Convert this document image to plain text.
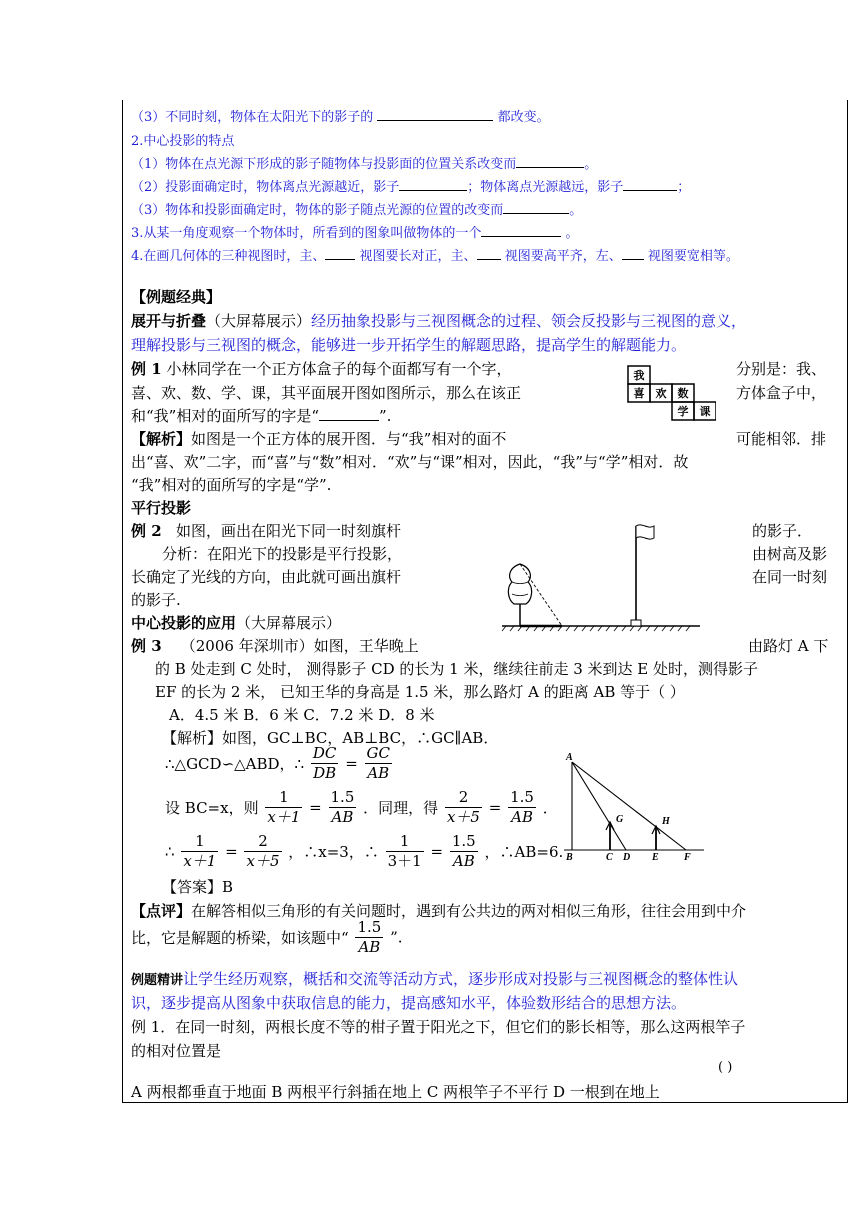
（3）不同时刻，物体在太阳光下的影子的	都改变。
2.中心投影的特点
（1）物体在点光源下形成的影子随物体与投影面的位置关系改变而	。
（2）投影面确定时，物体离点光源越近，影子	；物体离点光源越远，影子	；
（3）物体和投影面确定时，物体的影子随点光源的位置的改变而	。
3.从某一角度观察一个物体时，所看到的图象叫做物体的一个	。
4.在画几何体的三种视图时，主、	视图要长对正，主、 视图要高平齐，左、 视图要宽相等。
【例题经典】
展开与折叠（大屏幕展示）经历抽象投影与三视图概念的过程、领会反投影与三视图的意义，
理解投影与三视图的概念，能够进一步开拓学生的解题思路，提高学生的解题能力。
例 1 小林同学在一个正方体盒子的每个面都写有一个字，	分别是：我、
喜、欢、数、学、课，其平面展开图如图所示，那么在该正	方体盒子中，
和“我”相对的面所写的字是“	”.
我
喜 欢 数
学 课
【解析】如图是一个正方体的展开图．与“我”相对的面不	可能相邻．排
出“喜、欢”二字，而“喜”与“数”相对．“欢”与“课”相对，因此，“我”与“学”相对．故
“我”相对的面所写的字是“学”.
平行投影
例 2 如图，画出在阳光下同一时刻旗杆	的影子．
分析：在阳光下的投影是平行投影，	由树高及影
长确定了光线的方向，由此就可画出旗杆	在同一时刻
的影子.
中心投影的应用（大屏幕展示）
例 3 （2006 年深圳市）如图，王华晚上	由路灯 A 下
的 B 处走到 C 处时， 测得影子 CD 的长为 1 米，继续往前走 3 米到达 E 处时，测得影子
EF 的长为 2 米， 已知王华的身高是 1.5 米，那么路灯 A 的距离 AB 等于（ ）
A．4.5 米 B．6 米 C．7.2 米 D．8 米
【解析】如图，GC⊥BC，AB⊥BC，∴GC∥AB．
∴△GCD∽△ABD，∴ $\frac{DC}{DB} = \frac{GC}{AB}$
设 BC=x，则 $\frac{1}{x+1} = \frac{1.5}{AB}$ ．同理，得 $\frac{2}{x+5} = \frac{1.5}{AB}$ ．
∴ $\frac{1}{x+1} = \frac{2}{x+5}$ ，∴x=3，∴ $\frac{1}{3+1} = \frac{1.5}{AB}$ ，∴AB=6.
【答案】B
A
B	C D E	F
G	H
【点评】在解答相似三角形的有关问题时，遇到有公共边的两对相似三角形，往往会用到中介
比，它是解题的桥梁，如该题中“ $\frac{1.5}{AB}$ ”.
例题精讲让学生经历观察，概括和交流等活动方式，逐步形成对投影与三视图概念的整体性认
识，逐步提高从图象中获取信息的能力，提高感知水平，体验数形结合的思想方法。
例 1．在同一时刻，两根长度不等的柑子置于阳光之下，但它们的影长相等，那么这两根竿子
的相对位置是
( )
A 两根都垂直于地面 B 两根平行斜插在地上 C 两根竿子不平行 D 一根到在地上
